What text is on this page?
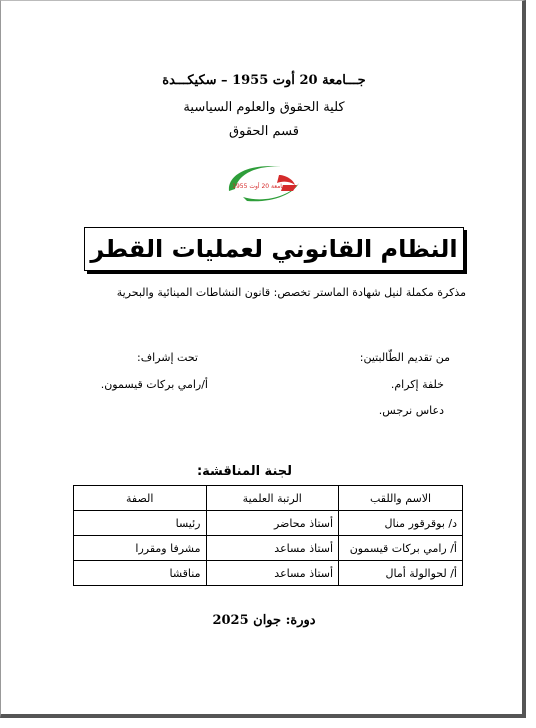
جـــامعة 20 أوت 1955 – سكيكـــدة
كلية الحقوق والعلوم السياسية
قسم الحقوق
جامعة 20 أوت 1955
النظام القانوني لعمليات القطر
مذكرة مكملة لنيل شهادة الماستر تخصص: قانون النشاطات المينائية والبحرية
من تقديم الطّالبتين:
خلفة إكرام.
دعاس نرجس.
تحت إشراف:
أ/رامي بركات قيسمون.
لجنة المناقشة:
الاسم واللقب	الرتبة العلمية	الصفة
د/ بوقرقور منال	أستاذ محاضر	رئيسا
أ/ رامي بركات قيسمون	أستاذ مساعد	مشرفا ومقررا
أ/ لحوالولة أمال	أستاذ مساعد	مناقشا
دورة: جوان 2025
